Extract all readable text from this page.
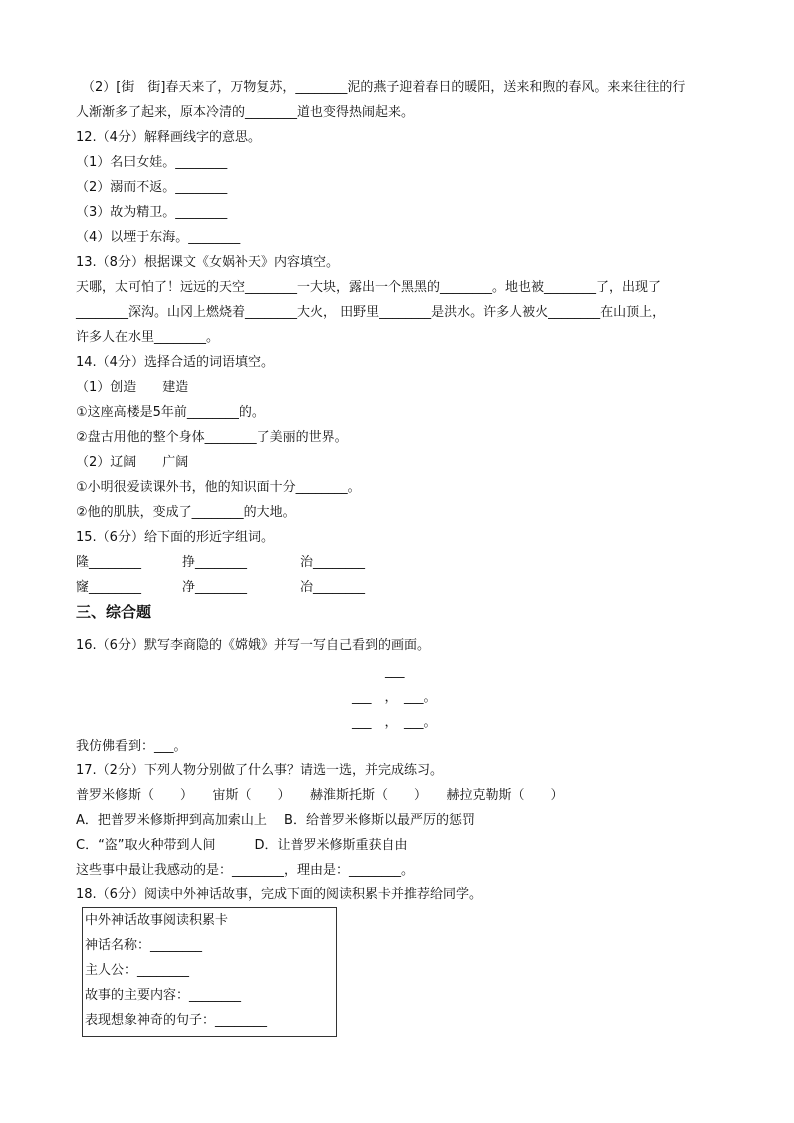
（2）[街　街]春天来了，万物复苏，________泥的燕子迎着春日的暖阳，送来和煦的春风。来来往往的行
人渐渐多了起来，原本冷清的________道也变得热闹起来。
12.（4分）解释画线字的意思。
（1）名曰女娃。________
（2）溺而不返。________
（3）故为精卫。________
（4）以堙于东海。________
13.（8分）根据课文《女娲补天》内容填空。
天哪，太可怕了！远远的天空________一大块，露出一个黑黑的________。地也被________了，出现了
________深沟。山冈上燃烧着________大火， 田野里________是洪水。许多人被火________在山顶上，
许多人在水里________。
14.（4分）选择合适的词语填空。
（1）创造　　建造
①这座高楼是5年前________的。
②盘古用他的整个身体________了美丽的世界。
（2）辽阔　　广阔
①小明很爱读课外书，他的知识面十分________。
②他的肌肤，变成了________的大地。
15.（6分）给下面的形近字组词。
隆________	挣________	治________
窿________	净________	冶________
三、综合题
16.（6分）默写李商隐的《嫦娥》并写一写自己看到的画面。
___
___　，　___。
___　，　___。
我仿佛看到：___。
17.（2分）下列人物分别做了什么事？请选一选，并完成练习。
普罗米修斯（　　）　　宙斯（　　）　　赫淮斯托斯（　　）　　赫拉克勒斯（　　）
A．把普罗米修斯押到高加索山上　 B．给普罗米修斯以最严厉的惩罚
C．“盗”取火种带到人间　　　D．让普罗米修斯重获自由
这些事中最让我感动的是：________，理由是：________。
18.（6分）阅读中外神话故事，完成下面的阅读积累卡并推荐给同学。
中外神话故事阅读积累卡
神话名称：________
主人公：________
故事的主要内容：________
表现想象神奇的句子：________
